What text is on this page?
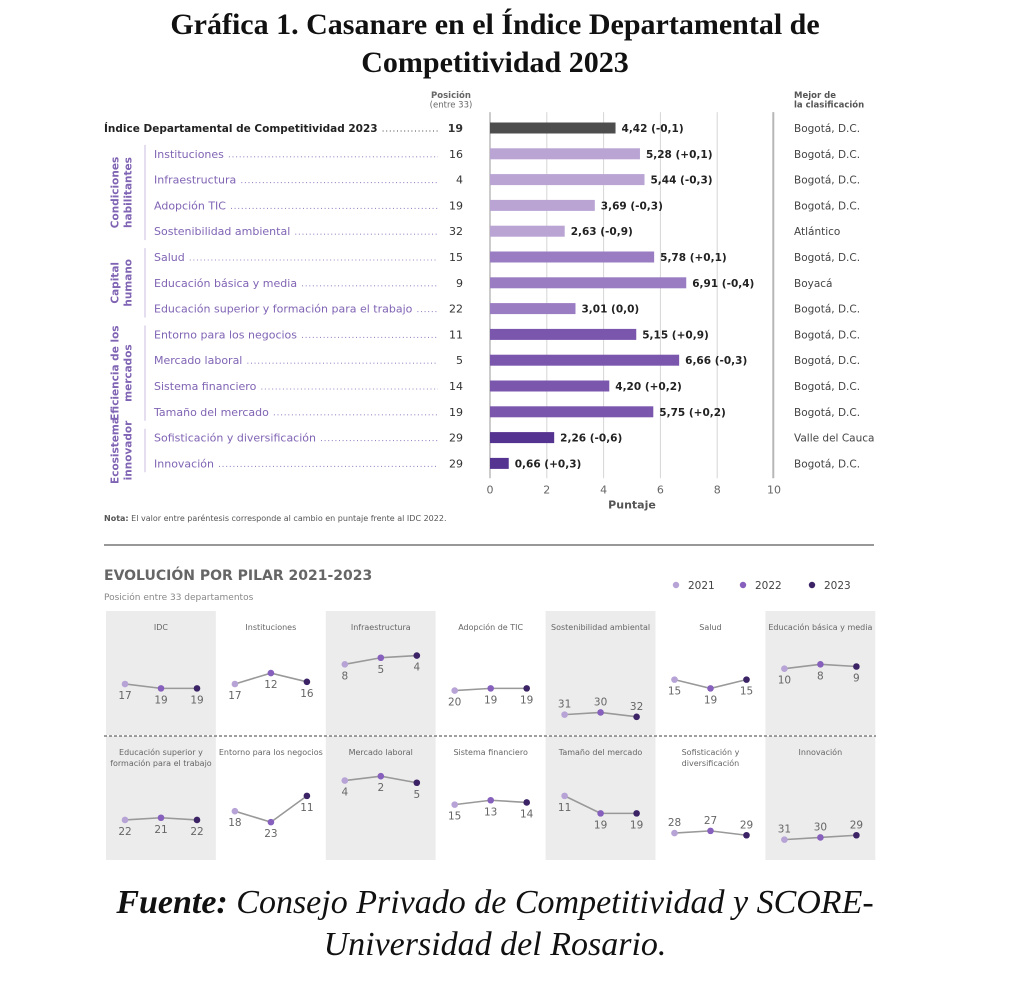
Gráfica 1. Casanare en el Índice Departamental de
Competitividad 2023
Posición
(entre 33)
Mejor de
la clasificación
0	2	4	6	8	10
Puntaje
Índice Departamental de Competitividad 2023	19	4,42 (-0,1)	Bogotá, D.C.
Instituciones	16	5,28 (+0,1)	Bogotá, D.C.
Infraestructura	4	5,44 (-0,3)	Bogotá, D.C.
Adopción TIC	19	3,69 (-0,3)	Bogotá, D.C.
Sostenibilidad ambiental	32	2,63 (-0,9)	Atlántico
Salud	15	5,78 (+0,1)	Bogotá, D.C.
Educación básica y media	9	6,91 (-0,4)	Boyacá
Educación superior y formación para el trabajo	22	3,01 (0,0)	Bogotá, D.C.
Entorno para los negocios	11	5,15 (+0,9)	Bogotá, D.C.
Mercado laboral	5	6,66 (-0,3)	Bogotá, D.C.
Sistema financiero	14	4,20 (+0,2)	Bogotá, D.C.
Tamaño del mercado	19	5,75 (+0,2)	Bogotá, D.C.
Sofisticación y diversificación	29	2,26 (-0,6)	Valle del Cauca
Innovación	29	0,66 (+0,3)	Bogotá, D.C.
Condiciones habilitantes
Capital humano
Eficiencia de los mercados
Ecosistema innovador
Nota: El valor entre paréntesis corresponde al cambio en puntaje frente al IDC 2022.
EVOLUCIÓN POR PILAR 2021-2023
Posición entre 33 departamentos
2021	2022	2023
IDC
17 19 19
Instituciones
17
12
16
Infraestructura
8
5	4
Adopción de TIC
20 19 19
Sostenibilidad ambiental
31 30 32
Salud
15
19
15
Educación básica y media
10 8	9
Educación superior y
formación para el trabajo
22 21 22
Entorno para los negocios
18
23
11
Mercado laboral
4	2
5
Sistema financiero
15 13 14
Tamaño del mercado
11
19 19
Sofisticación y
diversificación
28 27 29
Innovación
31 30 29
Fuente: Consejo Privado de Competitividad y SCORE-
Universidad del Rosario.
